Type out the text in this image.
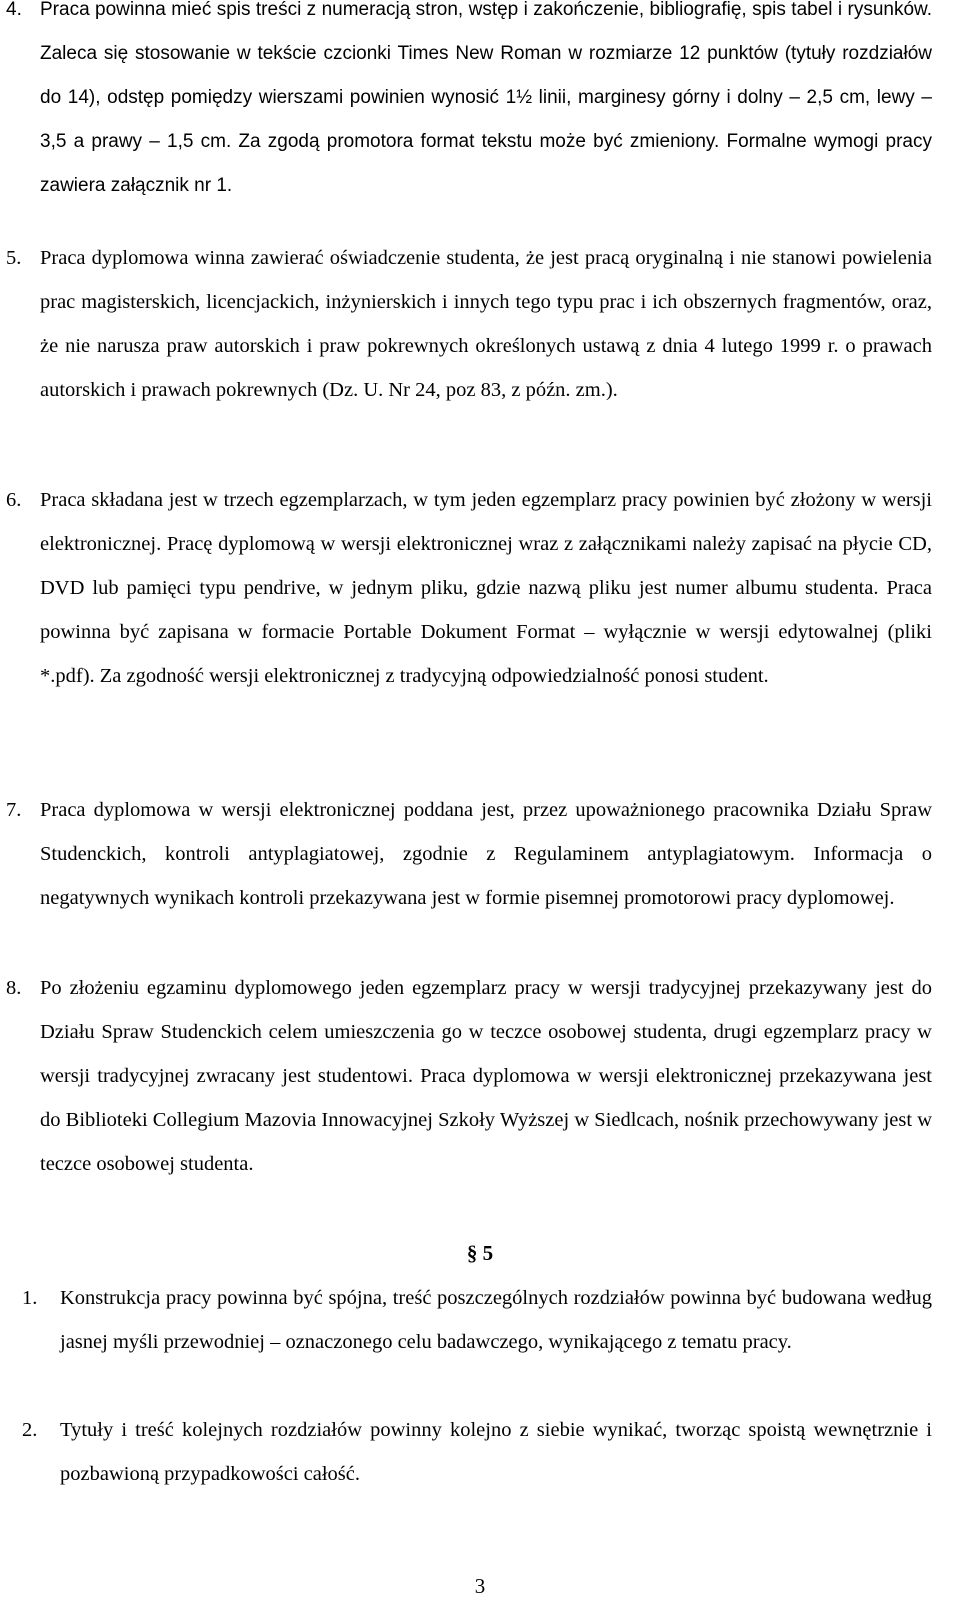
4. Praca powinna mieć spis treści z numeracją stron, wstęp i zakończenie, bibliografię, spis tabel i rysunków. Zaleca się stosowanie w tekście czcionki Times New Roman w rozmiarze 12 punktów (tytuły rozdziałów do 14), odstęp pomiędzy wierszami powinien wynosić 1½ linii, marginesy górny i dolny – 2,5 cm, lewy – 3,5 a prawy – 1,5 cm. Za zgodą promotora format tekstu może być zmieniony. Formalne wymogi pracy zawiera załącznik nr 1.
5. Praca dyplomowa winna zawierać oświadczenie studenta, że jest pracą oryginalną i nie stanowi powielenia prac magisterskich, licencjackich, inżynierskich i innych tego typu prac i ich obszernych fragmentów, oraz, że nie narusza praw autorskich i praw pokrewnych określonych ustawą z dnia 4 lutego 1999 r. o prawach autorskich i prawach pokrewnych (Dz. U. Nr 24, poz 83, z późn. zm.).
6. Praca składana jest w trzech egzemplarzach, w tym jeden egzemplarz pracy powinien być złożony w wersji elektronicznej. Pracę dyplomową w wersji elektronicznej wraz z załącznikami należy zapisać na płycie CD, DVD lub pamięci typu pendrive, w jednym pliku, gdzie nazwą pliku jest numer albumu studenta. Praca powinna być zapisana w formacie Portable Dokument Format – wyłącznie w wersji edytowalnej (pliki *.pdf). Za zgodność wersji elektronicznej z tradycyjną odpowiedzialność ponosi student.
7. Praca dyplomowa w wersji elektronicznej poddana jest, przez upoważnionego pracownika Działu Spraw Studenckich, kontroli antyplagiatowej, zgodnie z Regulaminem antyplagiatowym. Informacja o negatywnych wynikach kontroli przekazywana jest w formie pisemnej promotorowi pracy dyplomowej.
8. Po złożeniu egzaminu dyplomowego jeden egzemplarz pracy w wersji tradycyjnej przekazywany jest do Działu Spraw Studenckich celem umieszczenia go w teczce osobowej studenta, drugi egzemplarz pracy w wersji tradycyjnej zwracany jest studentowi. Praca dyplomowa w wersji elektronicznej przekazywana jest do Biblioteki Collegium Mazovia Innowacyjnej Szkoły Wyższej w Siedlcach, nośnik przechowywany jest w teczce osobowej studenta.
§ 5
1. Konstrukcja pracy powinna być spójna, treść poszczególnych rozdziałów powinna być budowana według jasnej myśli przewodniej – oznaczonego celu badawczego, wynikającego z tematu pracy.
2. Tytuły i treść kolejnych rozdziałów powinny kolejno z siebie wynikać, tworząc spoistą wewnętrznie i pozbawioną przypadkowości całość.
3
